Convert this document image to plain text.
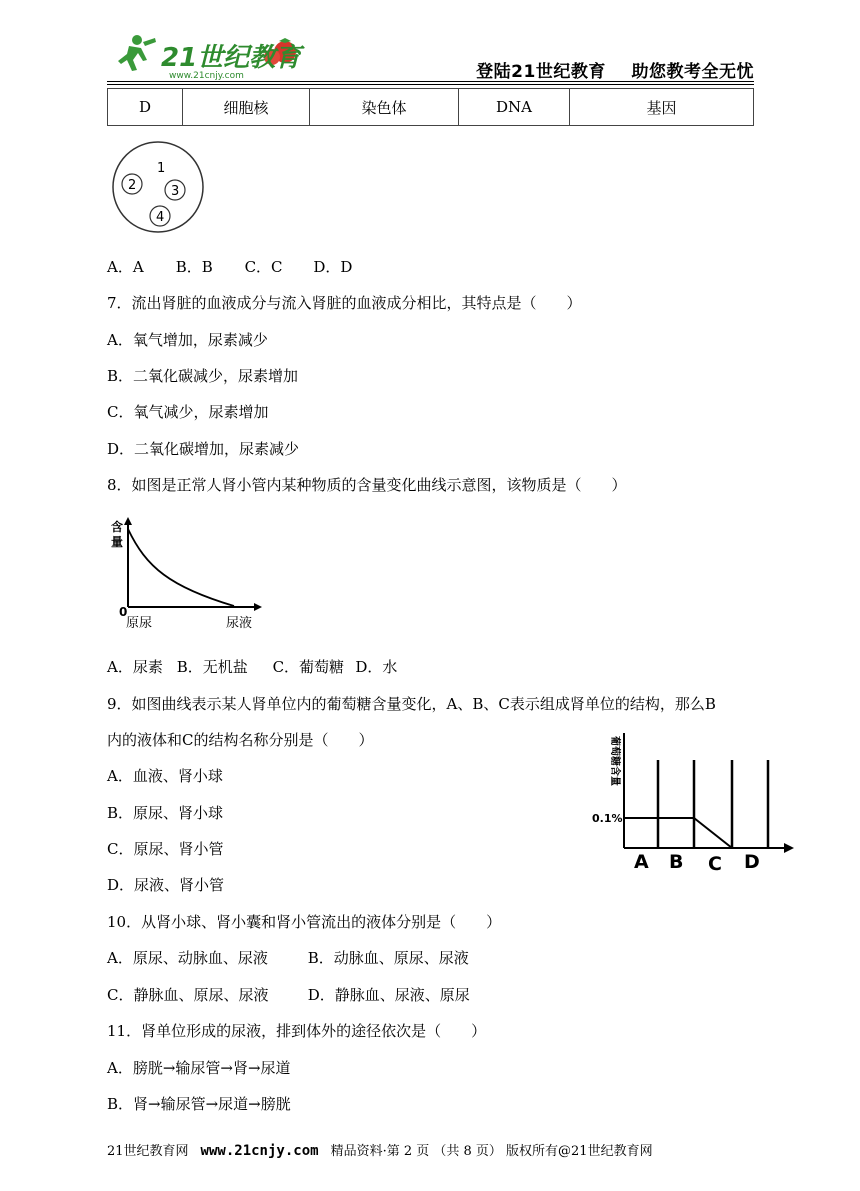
21世纪教育
www.21cnjy.com	登陆21世纪教育    助您教考全无忧
D	细胞核	染色体	DNA	基因
1
2	3
4
A．A B．B C．C D．D
7．流出肾脏的血液成分与流入肾脏的血液成分相比，其特点是（　　）
A．氧气增加，尿素减少
B．二氧化碳减少，尿素增加
C．氧气减少，尿素增加
D．二氧化碳增加，尿素减少
8．如图是正常人肾小管内某种物质的含量变化曲线示意图，该物质是（　　）
含
量
0
原尿	尿液
A．尿素 B．无机盐 C．葡萄糖 D．水
9．如图曲线表示某人肾单位内的葡萄糖含量变化，A、B、C表示组成肾单位的结构，那么B
内的液体和C的结构名称分别是（　　）
A．血液、肾小球
B．原尿、肾小球
C．原尿、肾小管
D．尿液、肾小管
0.1%
葡萄糖含量
A B C D
10．从肾小球、肾小囊和肾小管流出的液体分别是（　　）
A．原尿、动脉血、尿液	B．动脉血、原尿、尿液
C．静脉血、原尿、尿液	D．静脉血、尿液、原尿
11．肾单位形成的尿液，排到体外的途径依次是（　　）
A．膀胱→输尿管→肾→尿道
B．肾→输尿管→尿道→膀胱
21世纪教育网 www.21cnjy.com 精品资料·第 2 页 （共 8 页） 版权所有@21世纪教育网
